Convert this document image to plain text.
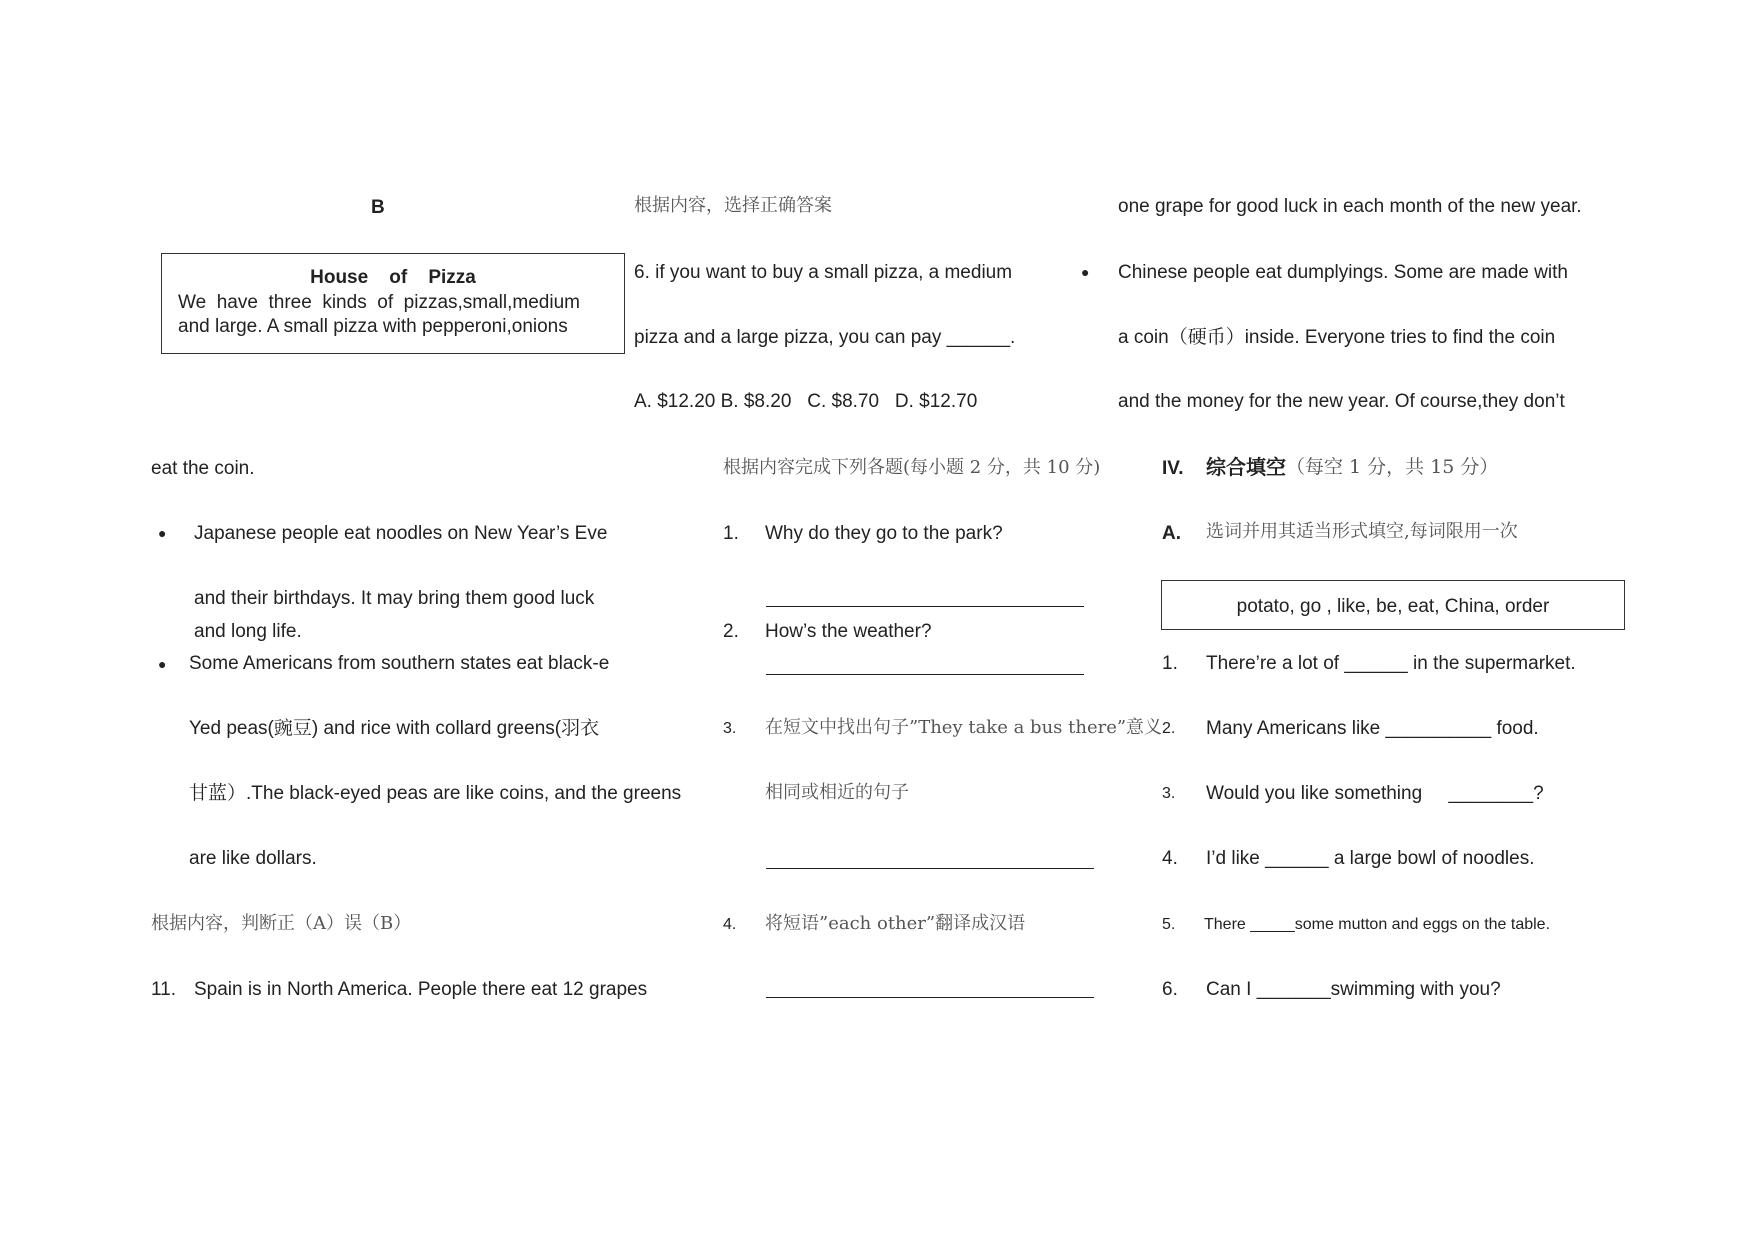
B
House    of    Pizza
We  have  three  kinds  of  pizzas,small,medium
and large. A small pizza with pepperoni,onions
eat the coin.
● Japanese people eat noodles on New Year’s Eve
and their birthdays. It may bring them good luck
and long life.
● Some Americans from southern states eat black-e
Yed peas(豌豆) and rice with collard greens(羽衣
甘蓝）.The black-eyed peas are like coins, and the greens
are like dollars.
根据内容，判断正（A）误（B）
11. Spain is in North America. People there eat 12 grapes
根据内容，选择正确答案
6. if you want to buy a small pizza, a medium
pizza and a large pizza, you can pay ______.
A. $12.20 B. $8.20   C. $8.70   D. $12.70
根据内容完成下列各题(每小题 2 分，共 10 分)
1. Why do they go to the park?
2. How’s the weather?
3. 在短文中找出句子”They take a bus there”意义
相同或相近的句子
4. 将短语”each other”翻译成汉语
one grape for good luck in each month of the new year.
● Chinese people eat dumplyings. Some are made with
a coin（硬币）inside. Everyone tries to find the coin
and the money for the new year. Of course,they don’t
IV. 综合填空 （每空 1 分，共 15 分）
A. 选词并用其适当形式填空,每词限用一次
potato, go , like, be, eat, China, order
1. There’re a lot of ______ in the supermarket.
2. Many Americans like __________ food.
3. Would you like something     ________?
4. I’d like ______ a large bowl of noodles.
5. There _____some mutton and eggs on the table.
6. Can I _______swimming with you?
